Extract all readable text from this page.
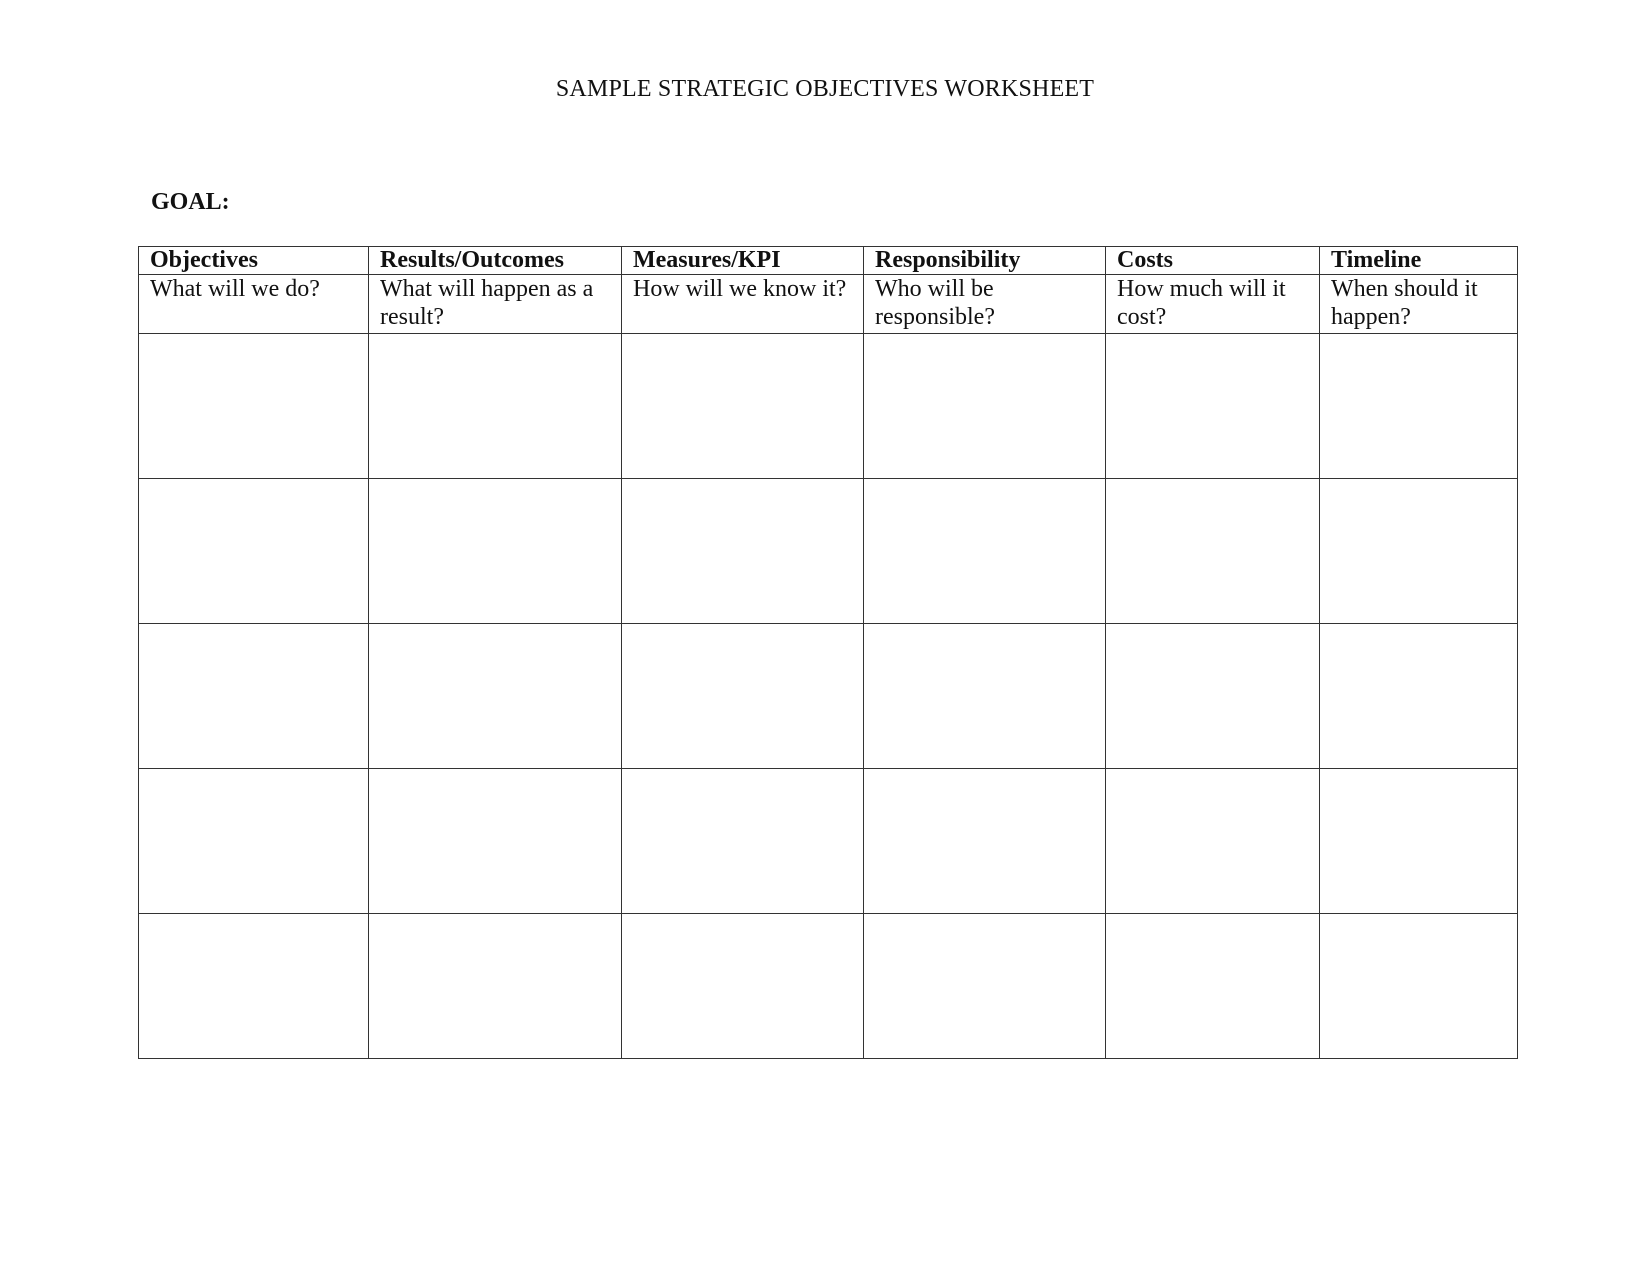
SAMPLE STRATEGIC OBJECTIVES WORKSHEET
GOAL:
Objectives	Results/Outcomes	Measures/KPI	Responsibility	Costs	Timeline
What will we do?	What will happen as a result?	How will we know it?	Who will be responsible?	How much will it cost?	When should it happen?
